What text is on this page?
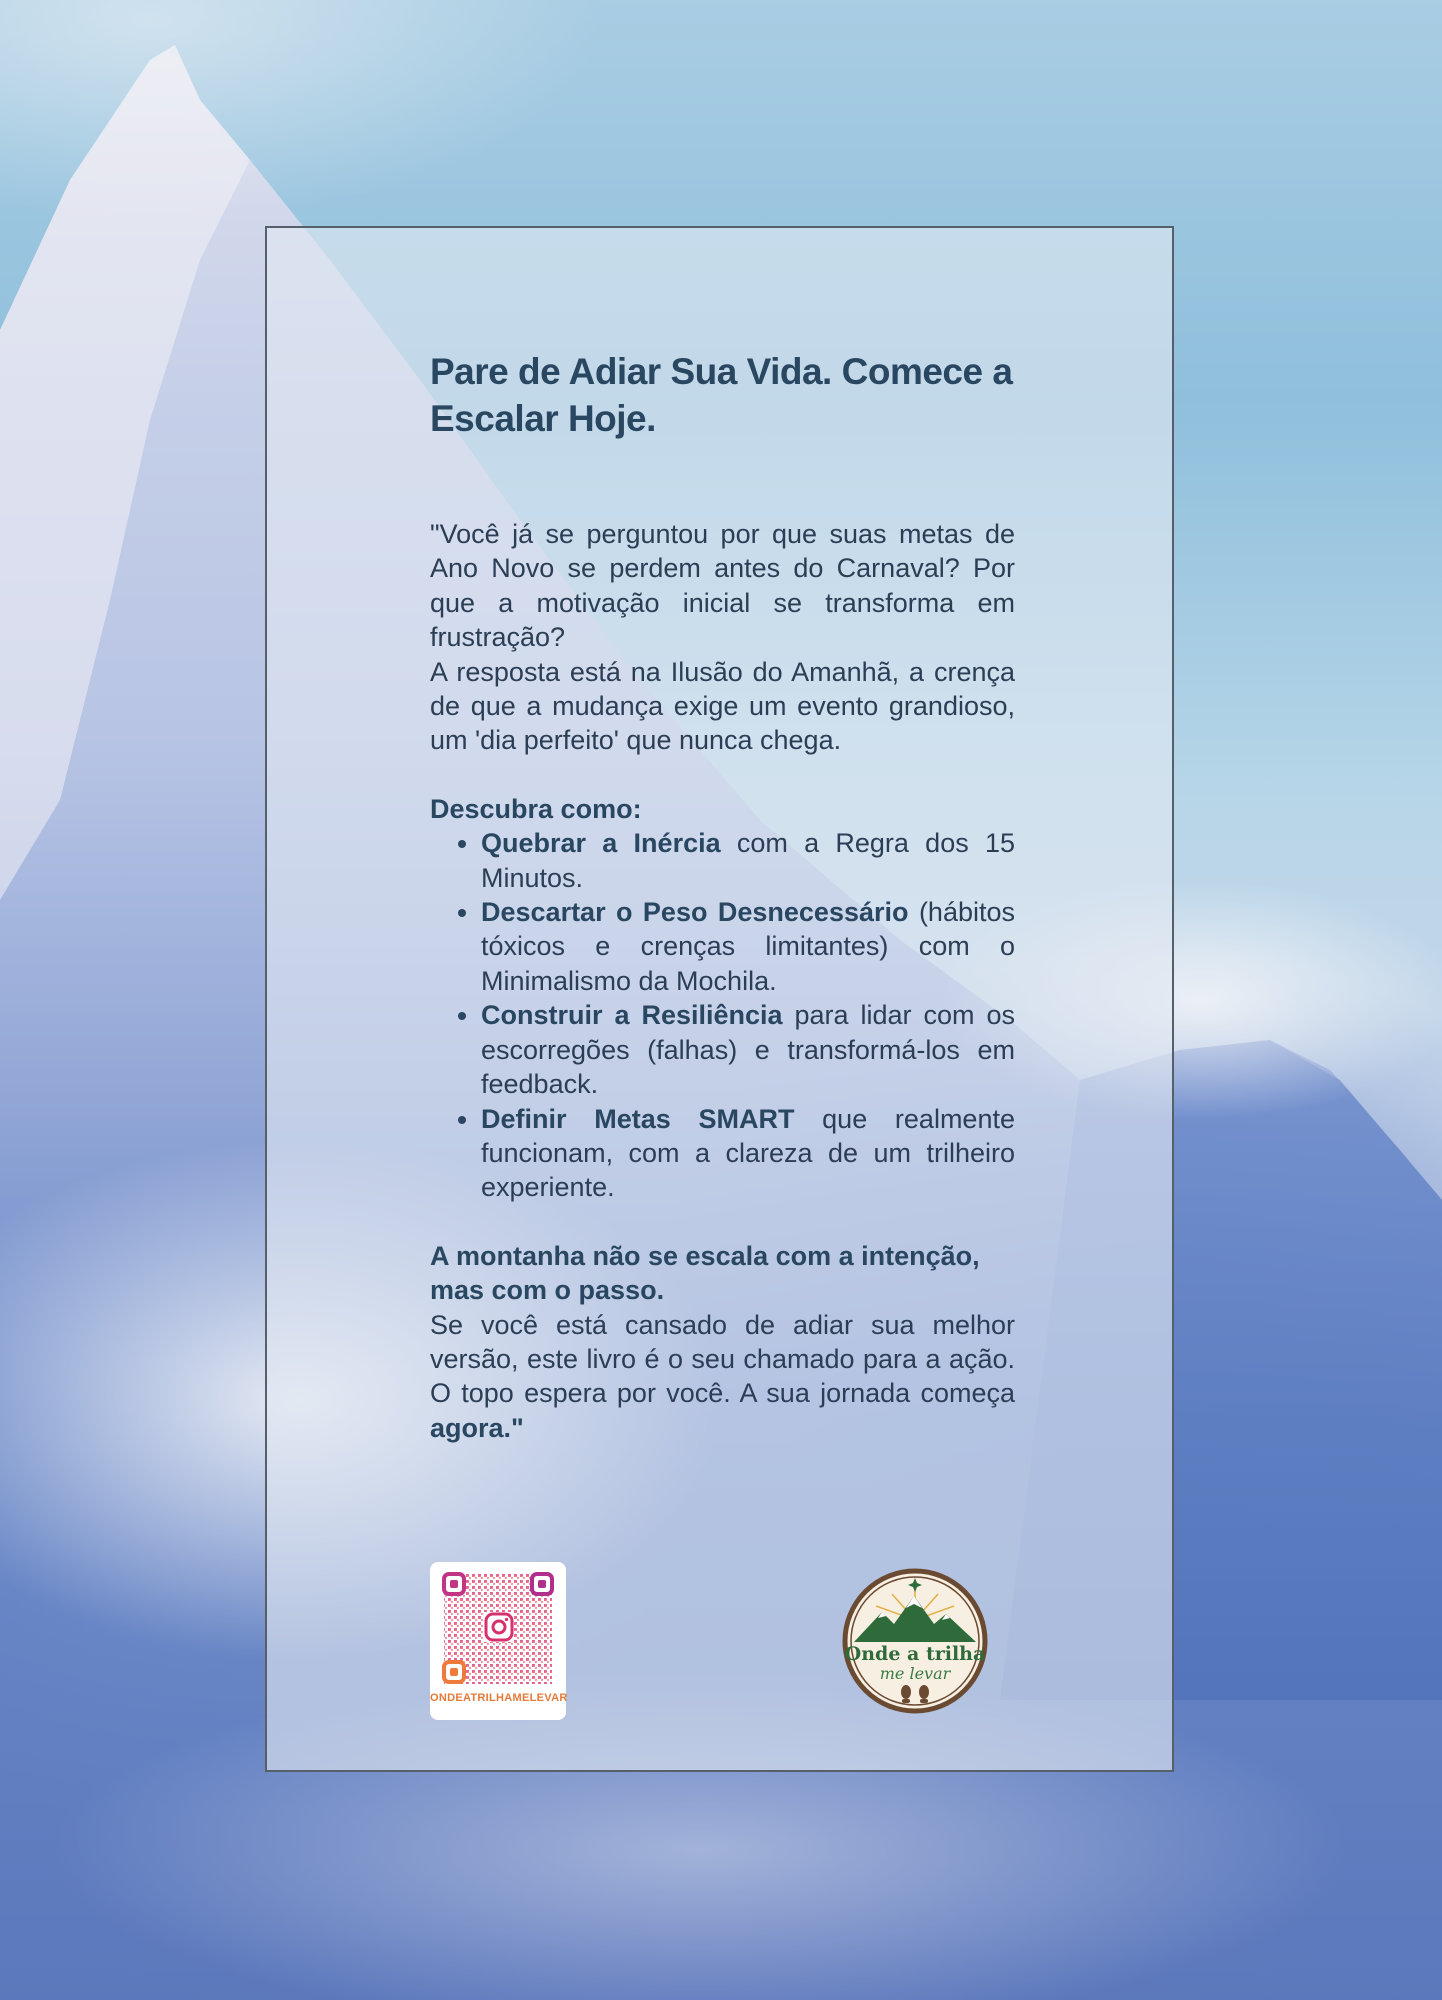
Pare de Adiar Sua Vida. Comece a Escalar Hoje.

"Você já se perguntou por que suas metas de Ano Novo se perdem antes do Carnaval? Por que a motivação inicial se transforma em frustração?

A resposta está na Ilusão do Amanhã, a crença de que a mudança exige um evento grandioso, um 'dia perfeito' que nunca chega.

Descubra como:
• Quebrar a Inércia com a Regra dos 15 Minutos.
• Descartar o Peso Desnecessário (hábitos tóxicos e crenças limitantes) com o Minimalismo da Mochila.
• Construir a Resiliência para lidar com os escorregões (falhas) e transformá-los em feedback.
• Definir Metas SMART que realmente funcionam, com a clareza de um trilheiro experiente.

A montanha não se escala com a intenção, mas com o passo.

Se você está cansado de adiar sua melhor versão, este livro é o seu chamado para a ação. O topo espera por você. A sua jornada começa agora."

ONDEATRILHAMELEVAR
Onde a trilha
me levar
